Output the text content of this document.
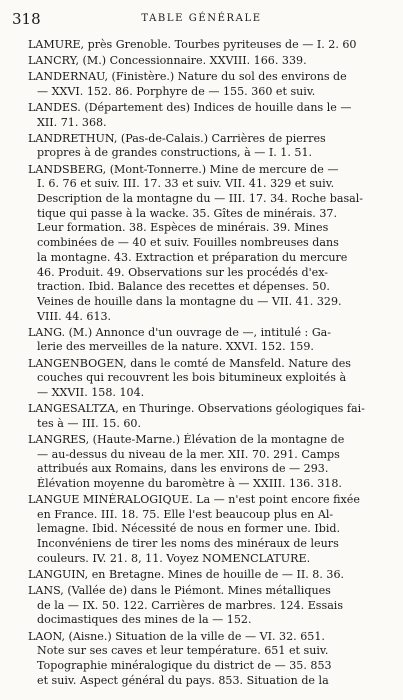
318	TABLE GÉNÉRALE
LAMURE, près Grenoble. Tourbes pyriteuses de — I. 2. 60
LANCRY, (M.) Concessionnaire. XXVIII. 166. 339.
LANDERNAU, (Finistère.) Nature du sol des environs de
— XXVI. 152. 86. Porphyre de — 155. 360 et suiv.
LANDES. (Département des) Indices de houille dans le —
XII. 71. 368.
LANDRETHUN, (Pas-de-Calais.) Carrières de pierres
propres à de grandes constructions, à — I. 1. 51.
LANDSBERG, (Mont-Tonnerre.) Mine de mercure de —
I. 6. 76 et suiv. III. 17. 33 et suiv. VII. 41. 329 et suiv.
Description de la montagne du — III. 17. 34. Roche basal-
tique qui passe à la wacke. 35. Gîtes de minérais. 37.
Leur formation. 38. Espèces de minérais. 39. Mines
combinées de — 40 et suiv. Fouilles nombreuses dans
la montagne. 43. Extraction et préparation du mercure
46. Produit. 49. Observations sur les procédés d'ex-
traction. Ibid. Balance des recettes et dépenses. 50.
Veines de houille dans la montagne du — VII. 41. 329.
VIII. 44. 613.
LANG. (M.) Annonce d'un ouvrage de —, intitulé : Ga-
lerie des merveilles de la nature. XXVI. 152. 159.
LANGENBOGEN, dans le comté de Mansfeld. Nature des
couches qui recouvrent les bois bitumineux exploités à
— XXVII. 158. 104.
LANGESALTZA, en Thuringe. Observations géologiques fai-
tes à — III. 15. 60.
LANGRES, (Haute-Marne.) Élévation de la montagne de
— au-dessus du niveau de la mer. XII. 70. 291. Camps
attribués aux Romains, dans les environs de — 293.
Élévation moyenne du baromètre à — XXIII. 136. 318.
LANGUE MINÉRALOGIQUE. La — n'est point encore fixée
en France. III. 18. 75. Elle l'est beaucoup plus en Al-
lemagne. Ibid. Nécessité de nous en former une. Ibid.
Inconvéniens de tirer les noms des minéraux de leurs
couleurs. IV. 21. 8, 11. Voyez NOMENCLATURE.
LANGUIN, en Bretagne. Mines de houille de — II. 8. 36.
LANS, (Vallée de) dans le Piémont. Mines métalliques
de la — IX. 50. 122. Carrières de marbres. 124. Essais
docimastiques des mines de la — 152.
LAON, (Aisne.) Situation de la ville de — VI. 32. 651.
Note sur ses caves et leur température. 651 et suiv.
Topographie minéralogique du district de — 35. 853
et suiv. Aspect général du pays. 853. Situation de la
